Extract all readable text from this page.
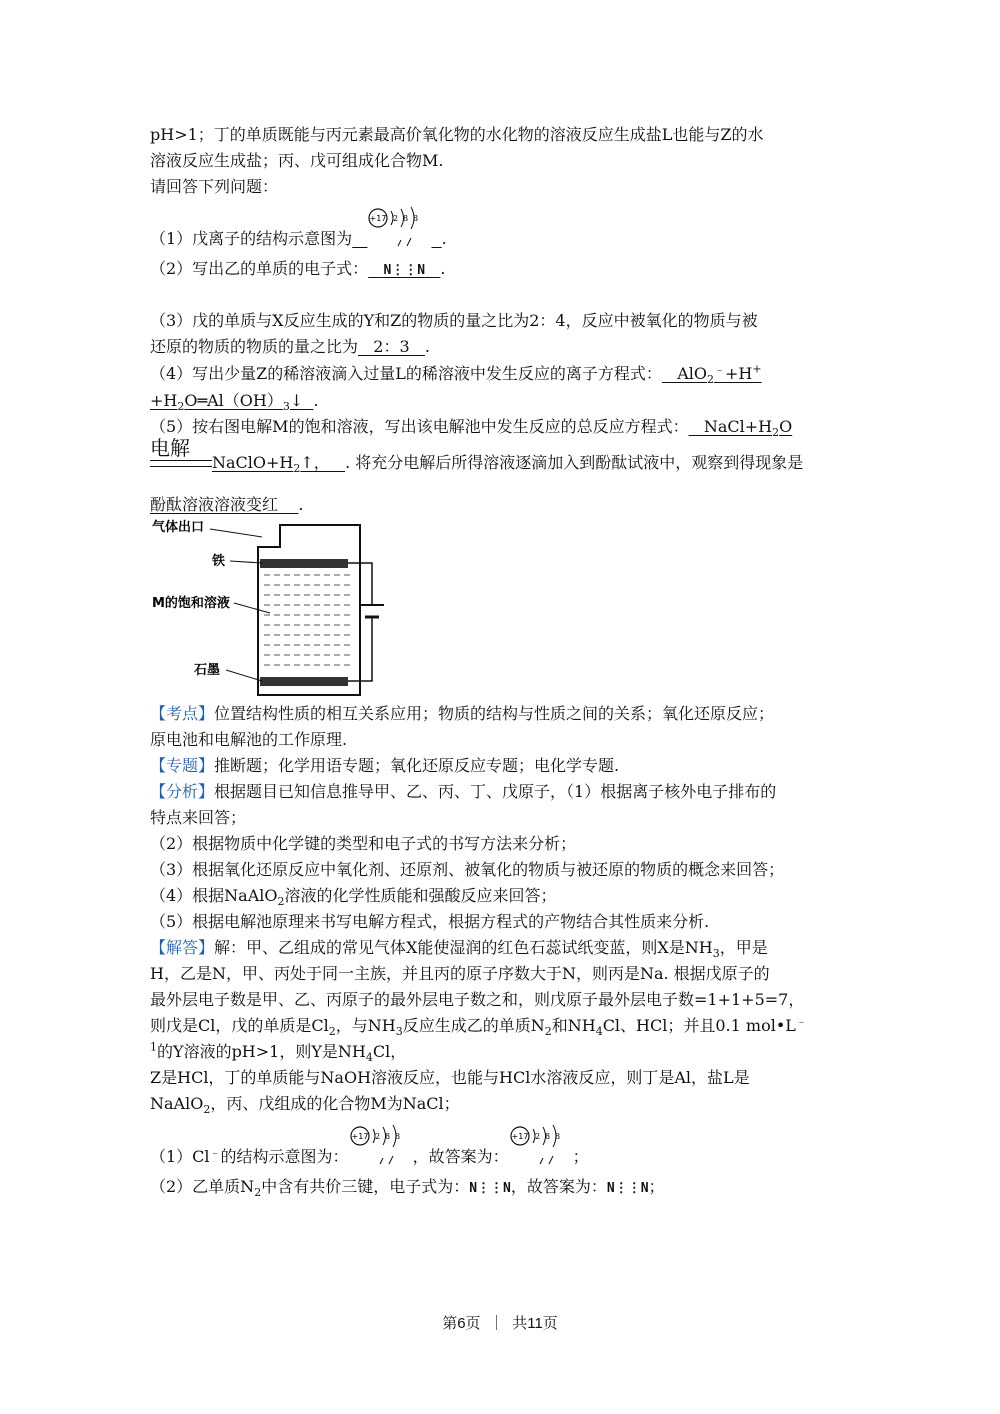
pH>1；丁的单质既能与丙元素最高价氧化物的水化物的溶液反应生成盐L也能与Z的水
溶液反应生成盐；丙、戊可组成化合物M.
请回答下列问题：
（1）戊离子的结构示意图为
+17 2 8 8
.
（2）写出乙的单质的电子式： N⋮⋮N .
（3）戊的单质与X反应生成的Y和Z的物质的量之比为2：4，反应中被氧化的物质与被
还原的物质的物质的量之比为 2：3 .
（4）写出少量Z的稀溶液滴入过量L的稀溶液中发生反应的离子方程式： AlO$_2$﹣+H+
$+H_2O═Al(OH)_3↓$ .
（5）按右图电解M的饱和溶液，写出该电解池中发生反应的总反应方程式： $NaCl+H_2O$
电解
$NaClO+H_2↑$， . 将充分电解后所得溶液逐滴加入到酚酞试液中，观察到得现象是
酚酞溶液溶液变红 .
气体出口
铁
M的饱和溶液
石墨
【考点】位置结构性质的相互关系应用；物质的结构与性质之间的关系；氧化还原反应；
原电池和电解池的工作原理.
【专题】推断题；化学用语专题；氧化还原反应专题；电化学专题.
【分析】根据题目已知信息推导甲、乙、丙、丁、戊原子，（1）根据离子核外电子排布的
特点来回答；
（2）根据物质中化学键的类型和电子式的书写方法来分析；
（3）根据氧化还原反应中氧化剂、还原剂、被氧化的物质与被还原的物质的概念来回答；
（4）根据NaAlO$_2$溶液的化学性质能和强酸反应来回答；
（5）根据电解池原理来书写电解方程式，根据方程式的产物结合其性质来分析.
【解答】解：甲、乙组成的常见气体X能使湿润的红色石蕊试纸变蓝，则X是$NH_3$，甲是
H，乙是N，甲、丙处于同一主族，并且丙的原子序数大于N，则丙是Na. 根据戊原子的
最外层电子数是甲、乙、丙原子的最外层电子数之和，则戊原子最外层电子数=1+1+5=7，
则戊是Cl，戊的单质是$Cl_2$，与$NH_3$反应生成乙的单质$N_2$和$NH_4Cl$、HCl；并且0.1 mol•L﹣
$^1$的Y溶液的pH>1，则Y是$NH_4Cl$，
Z是HCl，丁的单质能与NaOH溶液反应，也能与HCl水溶液反应，则丁是Al，盐L是
NaAlO$_2$，丙、戊组成的化合物M为NaCl；
（1）Cl﹣的结构示意图为：
+17 2 8 8
，故答案为：
+17 2 8 8
；
（2）乙单质$N_2$中含有共价三键，电子式为：N⋮⋮N，故答案为：N⋮⋮N；
第6页 ｜ 共11页
